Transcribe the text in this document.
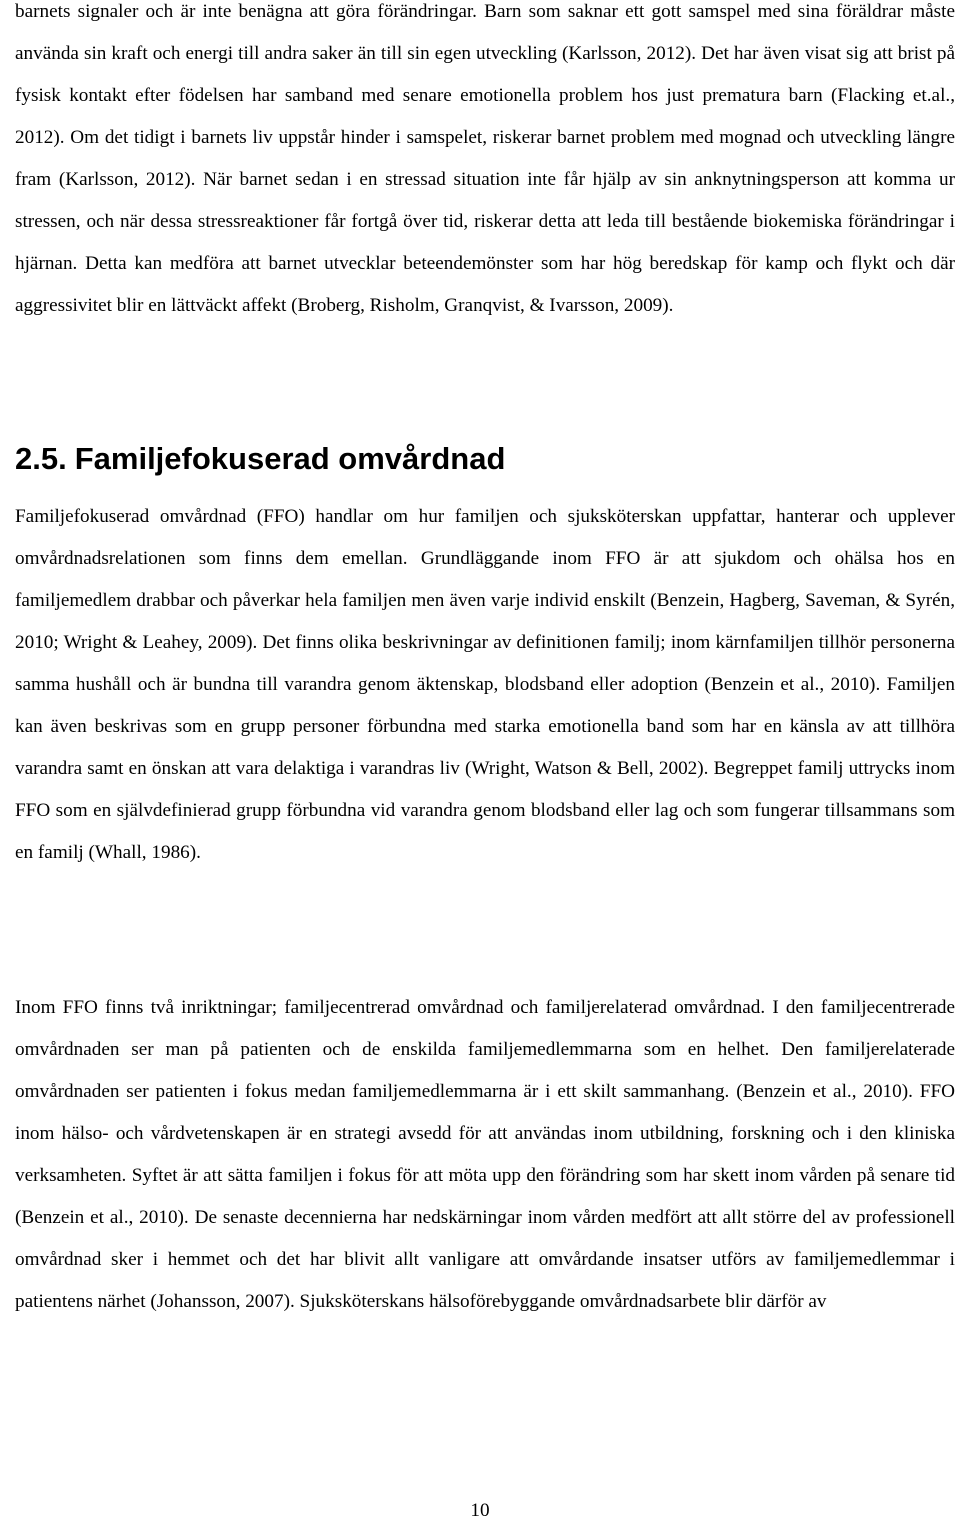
barnets signaler och är inte benägna att göra förändringar. Barn som saknar ett gott samspel med sina föräldrar måste använda sin kraft och energi till andra saker än till sin egen utveckling (Karlsson, 2012). Det har även visat sig att brist på fysisk kontakt efter födelsen har samband med senare emotionella problem hos just prematura barn (Flacking et.al., 2012). Om det tidigt i barnets liv uppstår hinder i samspelet, riskerar barnet problem med mognad och utveckling längre fram (Karlsson, 2012). När barnet sedan i en stressad situation inte får hjälp av sin anknytningsperson att komma ur stressen, och när dessa stressreaktioner får fortgå över tid, riskerar detta att leda till bestående biokemiska förändringar i hjärnan. Detta kan medföra att barnet utvecklar beteendemönster som har hög beredskap för kamp och flykt och där aggressivitet blir en lättväckt affekt (Broberg, Risholm, Granqvist, & Ivarsson, 2009).

2.5. Familjefokuserad omvårdnad

Familjefokuserad omvårdnad (FFO) handlar om hur familjen och sjuksköterskan uppfattar, hanterar och upplever omvårdnadsrelationen som finns dem emellan. Grundläggande inom FFO är att sjukdom och ohälsa hos en familjemedlem drabbar och påverkar hela familjen men även varje individ enskilt (Benzein, Hagberg, Saveman, & Syrén, 2010; Wright & Leahey, 2009). Det finns olika beskrivningar av definitionen familj; inom kärnfamiljen tillhör personerna samma hushåll och är bundna till varandra genom äktenskap, blodsband eller adoption (Benzein et al., 2010). Familjen kan även beskrivas som en grupp personer förbundna med starka emotionella band som har en känsla av att tillhöra varandra samt en önskan att vara delaktiga i varandras liv (Wright, Watson & Bell, 2002). Begreppet familj uttrycks inom FFO som en självdefinierad grupp förbundna vid varandra genom blodsband eller lag och som fungerar tillsammans som en familj (Whall, 1986).

Inom FFO finns två inriktningar; familjecentrerad omvårdnad och familjerelaterad omvårdnad. I den familjecentrerade omvårdnaden ser man på patienten och de enskilda familjemedlemmarna som en helhet. Den familjerelaterade omvårdnaden ser patienten i fokus medan familjemedlemmarna är i ett skilt sammanhang. (Benzein et al., 2010). FFO inom hälso- och vårdvetenskapen är en strategi avsedd för att användas inom utbildning, forskning och i den kliniska verksamheten. Syftet är att sätta familjen i fokus för att möta upp den förändring som har skett inom vården på senare tid (Benzein et al., 2010). De senaste decennierna har nedskärningar inom vården medfört att allt större del av professionell omvårdnad sker i hemmet och det har blivit allt vanligare att omvårdande insatser utförs av familjemedlemmar i patientens närhet (Johansson, 2007). Sjuksköterskans hälsoförebyggande omvårdnadsarbete blir därför av

10
